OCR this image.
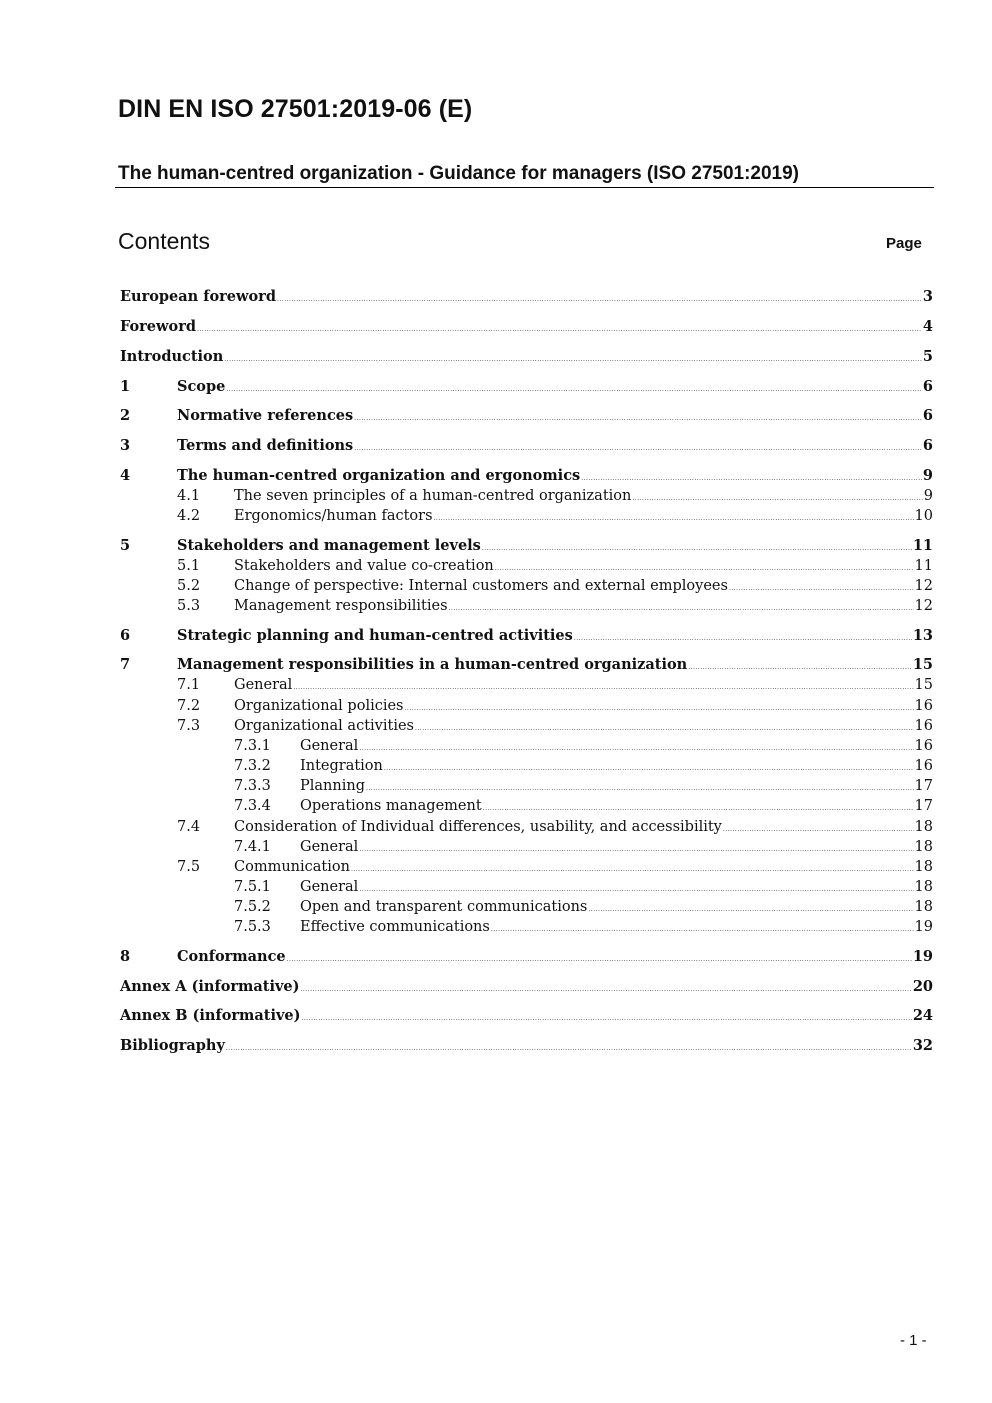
DIN EN ISO 27501:2019-06 (E)
The human-centred organization - Guidance for managers (ISO 27501:2019)
Contents	Page
European foreword .....	3
Foreword .....	4
Introduction .....	5
1	Scope .....	6
2	Normative references .....	6
3	Terms and definitions .....	6
4	The human-centred organization and ergonomics .....	9
4.1	The seven principles of a human-centred organization .....	9
4.2	Ergonomics/human factors .....	10
5	Stakeholders and management levels .....	11
5.1	Stakeholders and value co-creation .....	11
5.2	Change of perspective: Internal customers and external employees .....	12
5.3	Management responsibilities .....	12
6	Strategic planning and human-centred activities .....	13
7	Management responsibilities in a human-centred organization .....	15
7.1	General .....	15
7.2	Organizational policies .....	16
7.3	Organizational activities .....	16
7.3.1	General .....	16
7.3.2	Integration .....	16
7.3.3	Planning .....	17
7.3.4	Operations management .....	17
7.4	Consideration of Individual differences, usability, and accessibility .....	18
7.4.1	General .....	18
7.5	Communication .....	18
7.5.1	General .....	18
7.5.2	Open and transparent communications .....	18
7.5.3	Effective communications .....	19
8	Conformance .....	19
Annex A (informative) .....	20
Annex B (informative) .....	24
Bibliography .....	32
- 1 -
